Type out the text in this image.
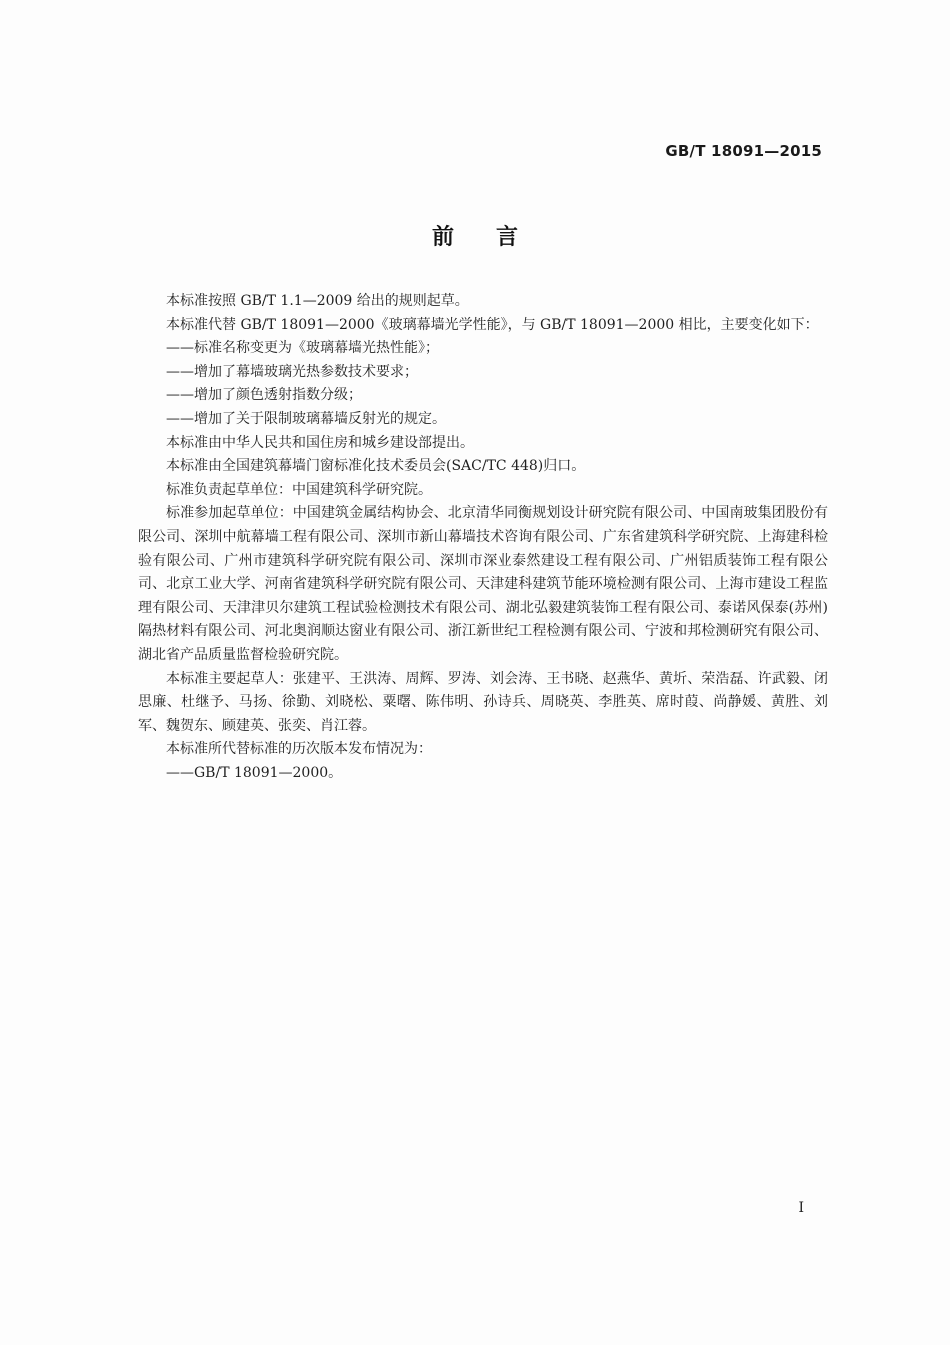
GB/T 18091—2015
前言

本标准按照 GB/T 1.1—2009 给出的规则起草。

本标准代替 GB/T 18091—2000《玻璃幕墙光学性能》，与 GB/T 18091—2000 相比，主要变化如下：

——标准名称变更为《玻璃幕墙光热性能》；

——增加了幕墙玻璃光热参数技术要求；

——增加了颜色透射指数分级；

——增加了关于限制玻璃幕墙反射光的规定。

本标准由中华人民共和国住房和城乡建设部提出。

本标准由全国建筑幕墙门窗标准化技术委员会(SAC/TC 448)归口。

标准负责起草单位：中国建筑科学研究院。

标准参加起草单位：中国建筑金属结构协会、北京清华同衡规划设计研究院有限公司、中国南玻集团股份有限公司、深圳中航幕墙工程有限公司、深圳市新山幕墙技术咨询有限公司、广东省建筑科学研究院、上海建科检验有限公司、广州市建筑科学研究院有限公司、深圳市深业泰然建设工程有限公司、广州铝质装饰工程有限公司、北京工业大学、河南省建筑科学研究院有限公司、天津建科建筑节能环境检测有限公司、上海市建设工程监理有限公司、天津津贝尔建筑工程试验检测技术有限公司、湖北弘毅建筑装饰工程有限公司、泰诺风保泰(苏州)隔热材料有限公司、河北奥润顺达窗业有限公司、浙江新世纪工程检测有限公司、宁波和邦检测研究有限公司、湖北省产品质量监督检验研究院。

本标准主要起草人：张建平、王洪涛、周辉、罗涛、刘会涛、王书晓、赵燕华、黄圻、荣浩磊、许武毅、闭思廉、杜继予、马扬、徐勤、刘晓松、粟曙、陈伟明、孙诗兵、周晓英、李胜英、席时葭、尚静媛、黄胜、刘军、魏贺东、顾建英、张奕、肖江蓉。

本标准所代替标准的历次版本发布情况为：

——GB/T 18091—2000。

I
